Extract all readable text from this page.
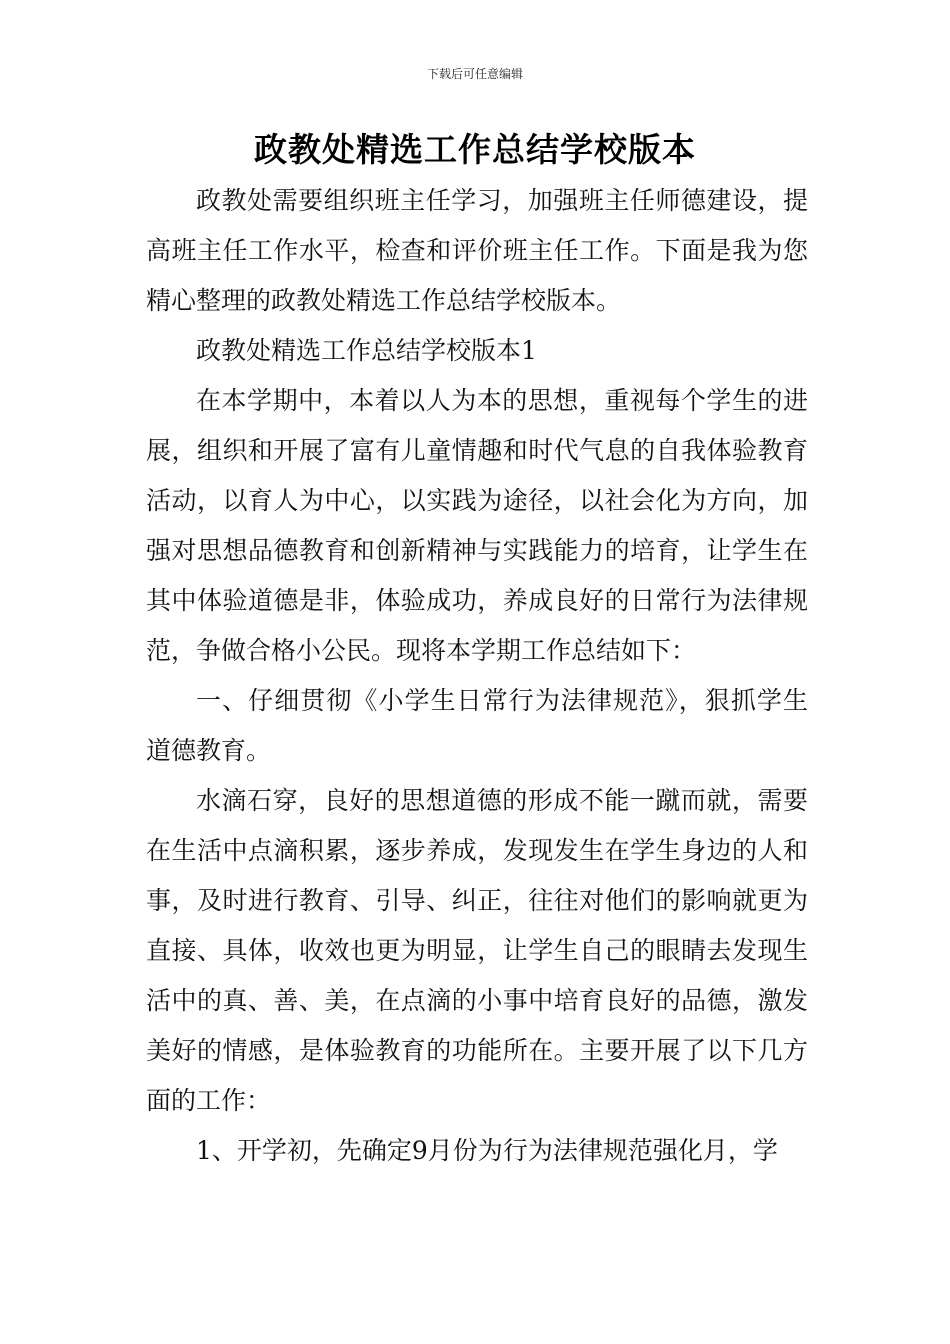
下载后可任意编辑
政教处精选工作总结学校版本

政教处需要组织班主任学习，加强班主任师德建设，提高班主任工作水平，检查和评价班主任工作。下面是我为您精心整理的政教处精选工作总结学校版本。

政教处精选工作总结学校版本1

在本学期中，本着以人为本的思想，重视每个学生的进展，组织和开展了富有儿童情趣和时代气息的自我体验教育活动，以育人为中心，以实践为途径，以社会化为方向，加强对思想品德教育和创新精神与实践能力的培育，让学生在其中体验道德是非，体验成功，养成良好的日常行为法律规范，争做合格小公民。现将本学期工作总结如下：

一、仔细贯彻《小学生日常行为法律规范》，狠抓学生道德教育。

水滴石穿，良好的思想道德的形成不能一蹴而就，需要在生活中点滴积累，逐步养成，发现发生在学生身边的人和事，及时进行教育、引导、纠正，往往对他们的影响就更为直接、具体，收效也更为明显，让学生自己的眼睛去发现生活中的真、善、美，在点滴的小事中培育良好的品德，激发美好的情感，是体验教育的功能所在。主要开展了以下几方面的工作：

1、开学初，先确定9月份为行为法律规范强化月，学
